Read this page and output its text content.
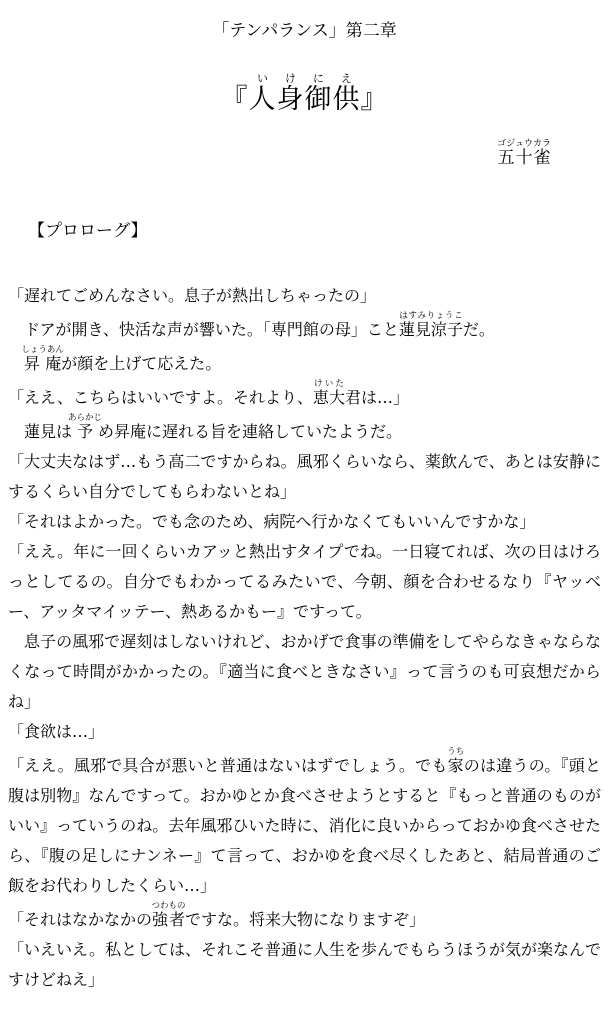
「テンパランス」第二章
『人い身け御に供え』
五十雀ゴジュウカラ
【プロローグ】

「遅れてごめんなさい。息子が熱出しちゃったの」

　ドアが開き、快活な声が響いた。「専門館の母」こと蓮見涼子はすみりょうこだ。

　昇庵しょうあんが顔を上げて応えた。

「ええ、こちらはいいですよ。それより、恵大けいた君は…」

　蓮見は予あらかじめ昇庵に遅れる旨を連絡していたようだ。

「大丈夫なはず…もう高二ですからね。風邪くらいなら、薬飲んで、あとは安静にするくらい自分でしてもらわないとね」

「それはよかった。でも念のため、病院へ行かなくてもいいんですかな」

「ええ。年に一回くらいカアッと熱出すタイプでね。一日寝てれば、次の日はけろっとしてるの。自分でもわかってるみたいで、今朝、顔を合わせるなり『ヤッベー、アッタマイッテー、熱あるかもー』ですって。

　息子の風邪で遅刻はしないけれど、おかげで食事の準備をしてやらなきゃならなくなって時間がかかったの。『適当に食べときなさい』って言うのも可哀想だからね」

「食欲は…」

「ええ。風邪で具合が悪いと普通はないはずでしょう。でも家うちのは違うの。『頭と腹は別物』なんですって。おかゆとか食べさせようとすると『もっと普通のものがいい』っていうのね。去年風邪ひいた時に、消化に良いからっておかゆ食べさせたら、『腹の足しにナンネー』て言って、おかゆを食べ尽くしたあと、結局普通のご飯をお代わりしたくらい…」

「それはなかなかの強者つわものですな。将来大物になりますぞ」

「いえいえ。私としては、それこそ普通に人生を歩んでもらうほうが気が楽なんですけどねえ」
